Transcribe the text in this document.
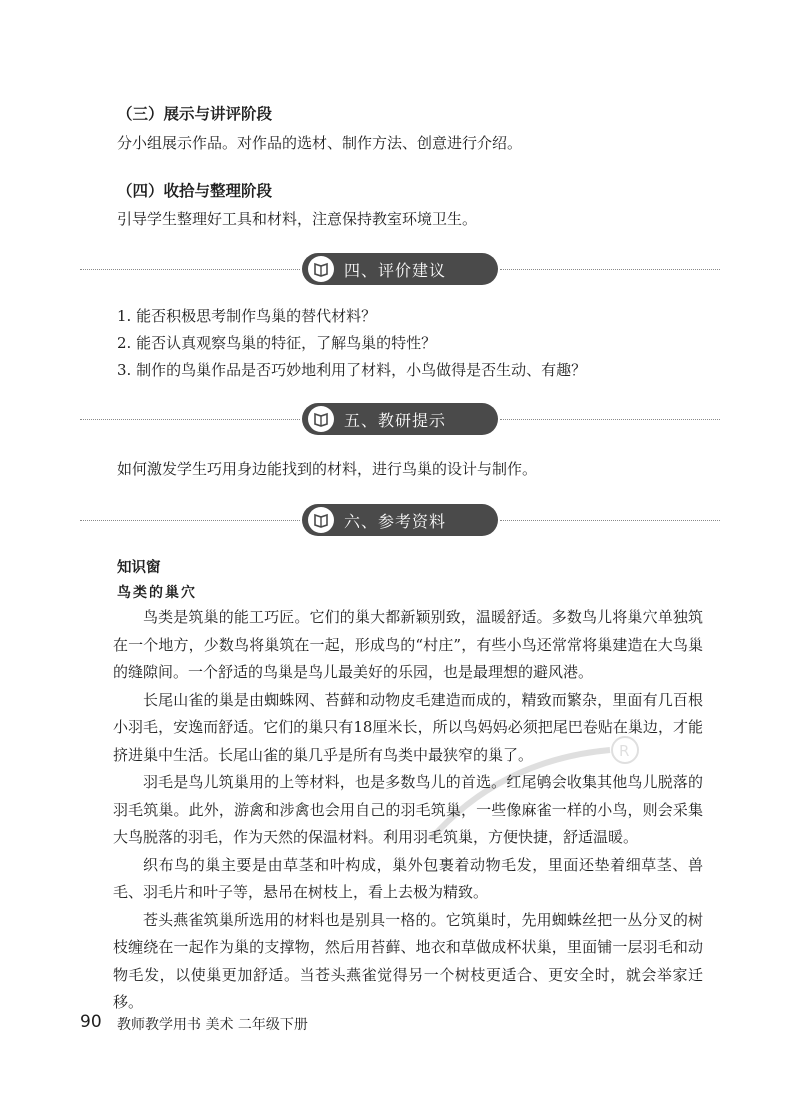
（三）展示与讲评阶段
分小组展示作品。对作品的选材、制作方法、创意进行介绍。
（四）收拾与整理阶段
引导学生整理好工具和材料，注意保持教室环境卫生。
四、评价建议
1. 能否积极思考制作鸟巢的替代材料？
2. 能否认真观察鸟巢的特征，了解鸟巢的特性？
3. 制作的鸟巢作品是否巧妙地利用了材料，小鸟做得是否生动、有趣？
五、教研提示
如何激发学生巧用身边能找到的材料，进行鸟巢的设计与制作。
六、参考资料
知识窗
鸟类的巢穴

鸟类是筑巢的能工巧匠。它们的巢大都新颖别致，温暖舒适。多数鸟儿将巢穴单独筑在一个地方，少数鸟将巢筑在一起，形成鸟的“村庄”，有些小鸟还常常将巢建造在大鸟巢的缝隙间。一个舒适的鸟巢是鸟儿最美好的乐园，也是最理想的避风港。

长尾山雀的巢是由蜘蛛网、苔藓和动物皮毛建造而成的，精致而繁杂，里面有几百根小羽毛，安逸而舒适。它们的巢只有18厘米长，所以鸟妈妈必须把尾巴卷贴在巢边，才能挤进巢中生活。长尾山雀的巢几乎是所有鸟类中最狭窄的巢了。

羽毛是鸟儿筑巢用的上等材料，也是多数鸟儿的首选。红尾鸲会收集其他鸟儿脱落的羽毛筑巢。此外，游禽和涉禽也会用自己的羽毛筑巢，一些像麻雀一样的小鸟，则会采集大鸟脱落的羽毛，作为天然的保温材料。利用羽毛筑巢，方便快捷，舒适温暖。

织布鸟的巢主要是由草茎和叶构成，巢外包裹着动物毛发，里面还垫着细草茎、兽毛、羽毛片和叶子等，悬吊在树枝上，看上去极为精致。

苍头燕雀筑巢所选用的材料也是别具一格的。它筑巢时，先用蜘蛛丝把一丛分叉的树枝缠绕在一起作为巢的支撑物，然后用苔藓、地衣和草做成杯状巢，里面铺一层羽毛和动物毛发，以使巢更加舒适。当苍头燕雀觉得另一个树枝更适合、更安全时，就会举家迁移。

R
90 教师教学用书 美术 二年级下册
